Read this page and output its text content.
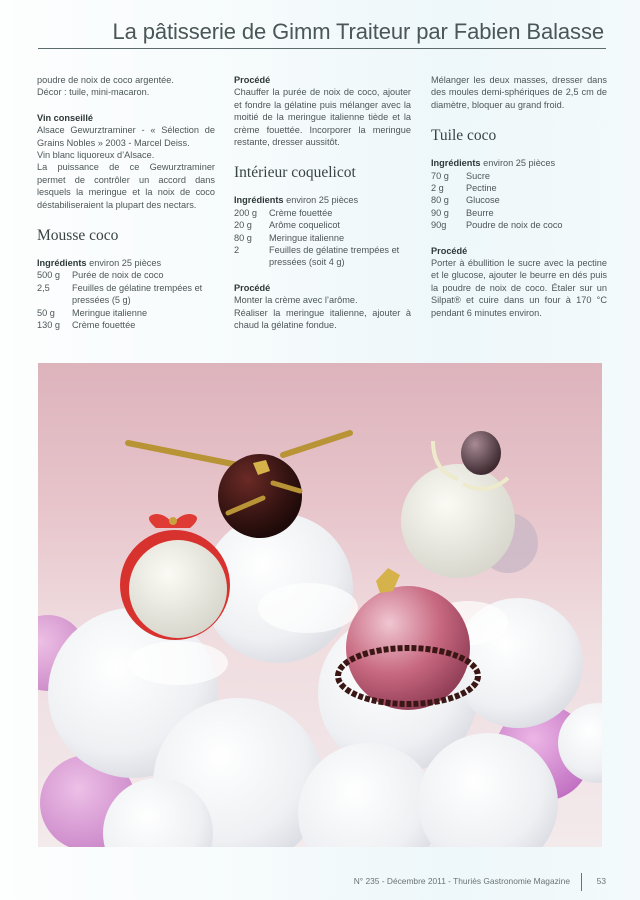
La pâtisserie de Gimm Traiteur par Fabien Balasse

poudre de noix de coco argentée.

Décor : tuile, mini-macaron.

Vin conseillé

Alsace Gewurztraminer - « Sélection de Grains Nobles » 2003 - Marcel Deiss.

Vin blanc liquoreux d’Alsace.

La puissance de ce Gewurztraminer permet de contrôler un accord dans lesquels la meringue et la noix de coco déstabiliseraient la plupart des nectars.

Mousse coco

Ingrédients environ 25 pièces

500 g	Purée de noix de coco
2,5	Feuilles de gélatine trempées et pressées (5 g)
50 g	Meringue italienne
130 g	Crème fouettée
Procédé

Chauffer la purée de noix de coco, ajouter et fondre la gélatine puis mélanger avec la moitié de la meringue italienne tiède et la crème fouettée. Incorporer la meringue restante, dresser aussitôt.

Intérieur coquelicot

Ingrédients environ 25 pièces

200 g	Crème fouettée
20 g	Arôme coquelicot
80 g	Meringue italienne
2	Feuilles de gélatine trempées et pressées (soit 4 g)
Procédé

Monter la crème avec l’arôme.

Réaliser la meringue italienne, ajouter à chaud la gélatine fondue.

Mélanger les deux masses, dresser dans des moules demi-sphériques de 2,5 cm de diamètre, bloquer au grand froid.

Tuile coco

Ingrédients environ 25 pièces

70 g	Sucre
2 g	Pectine
80 g	Glucose
90 g	Beurre
90g	Poudre de noix de coco
Procédé

Porter à ébullition le sucre avec la pectine et le glucose, ajouter le beurre en dés puis la poudre de noix de coco. Étaler sur un Silpat® et cuire dans un four à 170 °C pendant 6 minutes environ.

N° 235 - Décembre 2011 - Thuriès Gastronomie Magazine	53
